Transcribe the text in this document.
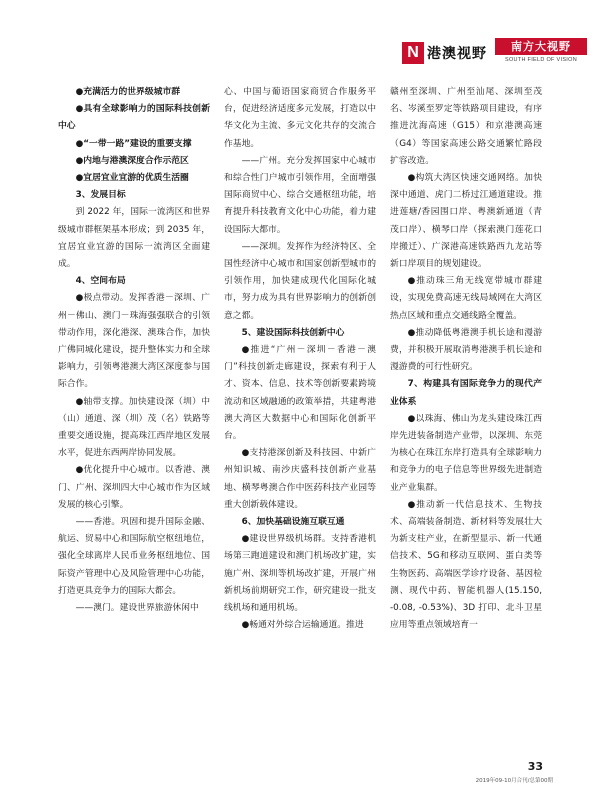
N 港澳视野	南方大视野
SOUTH FIELD OF VISION

●充满活力的世界级城市群

●具有全球影响力的国际科技创新中心

●“一带一路”建设的重要支撑

●内地与港澳深度合作示范区

●宜居宜业宜游的优质生活圈

3、发展目标

到 2022 年，国际一流湾区和世界级城市群框架基本形成；到 2035 年，宜居宜业宜游的国际一流湾区全面建成。

4、空间布局

●极点带动。发挥香港－深圳、广州－佛山、澳门－珠海强强联合的引领带动作用，深化港深、澳珠合作，加快广佛同城化建设，提升整体实力和全球影响力，引领粤港澳大湾区深度参与国际合作。

●轴带支撑。加快建设深（圳）中（山）通道、深（圳）茂（名）铁路等重要交通设施，提高珠江西岸地区发展水平，促进东西两岸协同发展。

●优化提升中心城市。以香港、澳门、广州、深圳四大中心城市作为区域发展的核心引擎。

——香港。巩固和提升国际金融、航运、贸易中心和国际航空枢纽地位，强化全球离岸人民币业务枢纽地位、国际资产管理中心及风险管理中心功能，打造更具竞争力的国际大都会。

——澳门。建设世界旅游休闲中

心、中国与葡语国家商贸合作服务平台，促进经济适度多元发展，打造以中华文化为主流、多元文化共存的交流合作基地。

——广州。充分发挥国家中心城市和综合性门户城市引领作用，全面增强国际商贸中心、综合交通枢纽功能，培育提升科技教育文化中心功能，着力建设国际大都市。

——深圳。发挥作为经济特区、全国性经济中心城市和国家创新型城市的引领作用，加快建成现代化国际化城市，努力成为具有世界影响力的创新创意之都。

5、建设国际科技创新中心

●推进“广州－深圳－香港－澳门”科技创新走廊建设，探索有利于人才、资本、信息、技术等创新要素跨境流动和区域融通的政策举措，共建粤港澳大湾区大数据中心和国际化创新平台。

●支持港深创新及科技园、中新广州知识城、南沙庆盛科技创新产业基地、横琴粤澳合作中医药科技产业园等重大创新载体建设。

6、加快基础设施互联互通

●建设世界级机场群。支持香港机场第三跑道建设和澳门机场改扩建，实施广州、深圳等机场改扩建，开展广州新机场前期研究工作，研究建设一批支线机场和通用机场。

●畅通对外综合运输通道。推进

赣州至深圳、广州至汕尾、深圳至茂名、岑溪至罗定等铁路项目建设，有序推进沈海高速（G15）和京港澳高速（G4）等国家高速公路交通繁忙路段扩容改造。

●构筑大湾区快速交通网络。加快深中通道、虎门二桥过江通道建设。推进莲塘/香园围口岸、粤澳新通道（青茂口岸）、横琴口岸（探索澳门莲花口岸搬迁）、广深港高速铁路西九龙站等新口岸项目的规划建设。

●推动珠三角无线宽带城市群建设，实现免费高速无线局域网在大湾区热点区域和重点交通线路全覆盖。

●推动降低粤港澳手机长途和漫游费，并积极开展取消粤港澳手机长途和漫游费的可行性研究。

7、构建具有国际竞争力的现代产业体系

●以珠海、佛山为龙头建设珠江西岸先进装备制造产业带，以深圳、东莞为核心在珠江东岸打造具有全球影响力和竞争力的电子信息等世界级先进制造业产业集群。

●推动新一代信息技术、生物技术、高端装备制造、新材料等发展壮大为新支柱产业，在新型显示、新一代通信技术、5G和移动互联网、蛋白类等生物医药、高端医学诊疗设备、基因检测、现代中药、智能机器人(15.150, -0.08, -0.53%)、3D 打印、北斗卫星应用等重点领域培育一

33
2019年09-10月合刊/总第00期
